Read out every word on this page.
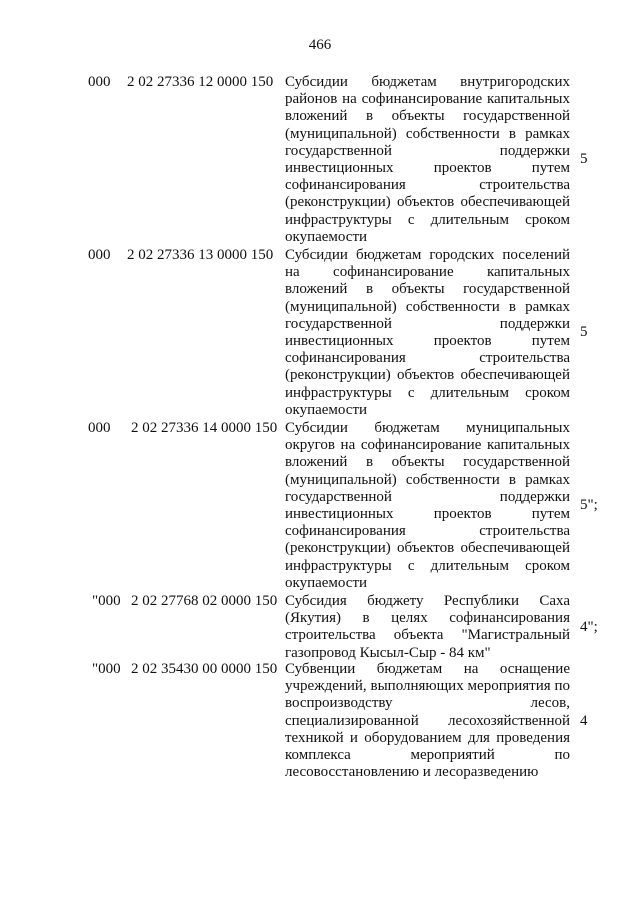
466
000 2 02 27336 12 0000 150 Субсидии бюджетам внутригородских
районов на софинансирование капитальных
вложений в объекты государственной
(муниципальной) собственности в рамках
государственной поддержки
инвестиционных проектов путем
софинансирования строительства
(реконструкции) объектов обеспечивающей
инфраструктуры с длительным сроком
окупаемости
5
000 2 02 27336 13 0000 150 Субсидии бюджетам городских поселений
на софинансирование капитальных
вложений в объекты государственной
(муниципальной) собственности в рамках
государственной поддержки
инвестиционных проектов путем
софинансирования строительства
(реконструкции) объектов обеспечивающей
инфраструктуры с длительным сроком
окупаемости
5
000 2 02 27336 14 0000 150 Субсидии бюджетам муниципальных
округов на софинансирование капитальных
вложений в объекты государственной
(муниципальной) собственности в рамках
государственной поддержки
инвестиционных проектов путем
софинансирования строительства
(реконструкции) объектов обеспечивающей
инфраструктуры с длительным сроком
окупаемости
5";
"000 2 02 27768 02 0000 150 Субсидия бюджету Республики Саха
(Якутия) в целях софинансирования
строительства объекта "Магистральный
газопровод Кысыл-Сыр - 84 км"
4";
"000 2 02 35430 00 0000 150 Субвенции бюджетам на оснащение
учреждений, выполняющих мероприятия по
воспроизводству лесов,
специализированной лесохозяйственной
техникой и оборудованием для проведения
комплекса мероприятий по
лесовосстановлению и лесоразведению
4
